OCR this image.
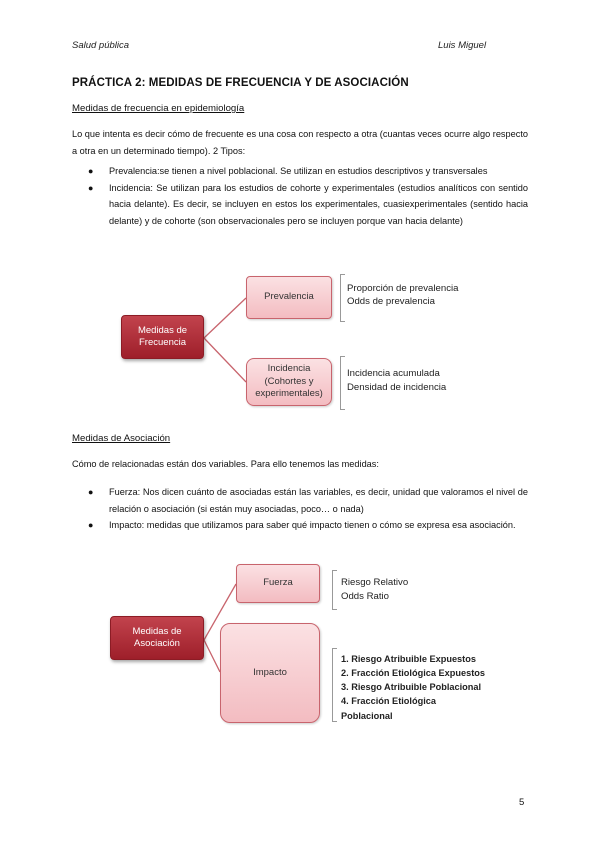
Salud pública	Luis Miguel
PRÁCTICA 2: MEDIDAS DE FRECUENCIA Y DE ASOCIACIÓN
Medidas de frecuencia en epidemiología
Lo que intenta es decir cómo de frecuente es una cosa con respecto a otra (cuantas veces ocurre algo respecto a otra en un determinado tiempo). 2 Tipos:
● Prevalencia:se tienen a nivel poblacional. Se utilizan en estudios descriptivos y transversales
● Incidencia: Se utilizan para los estudios de cohorte y experimentales (estudios analíticos con sentido hacia delante). Es decir, se incluyen en estos los experimentales, cuasiexperimentales (sentido hacia delante) y de cohorte (son observacionales pero se incluyen porque van hacia delante)
Medidas de Frecuencia
Prevalencia
Incidencia (Cohortes y experimentales)
Proporción de prevalencia
Odds de prevalencia
Incidencia acumulada
Densidad de incidencia
Medidas de Asociación
Cómo de relacionadas están dos variables. Para ello tenemos las medidas:
● Fuerza: Nos dicen cuánto de asociadas están las variables, es decir, unidad que valoramos el nivel de relación o asociación (si están muy asociadas, poco… o nada)
● Impacto: medidas que utilizamos para saber qué impacto tienen o cómo se expresa esa asociación.
Medidas de Asociación
Fuerza
Impacto
Riesgo Relativo
Odds Ratio
1. Riesgo Atribuible Expuestos
2. Fracción Etiológica Expuestos
3. Riesgo Atribuible Poblacional
4. Fracción Etiológica Poblacional
5
